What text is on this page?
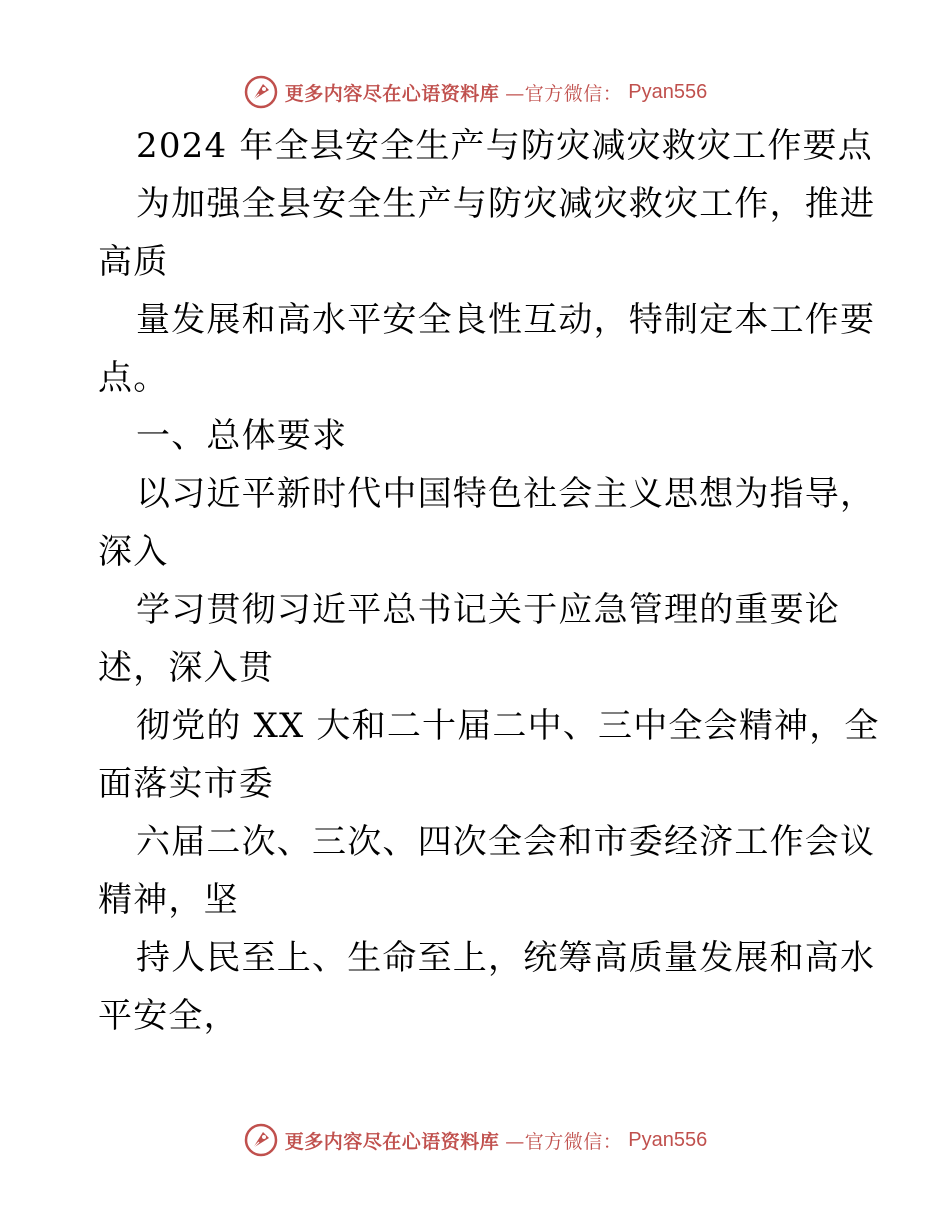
更多内容尽在心语资料库 —官方微信： Pyan556
2024 年全县安全生产与防灾减灾救灾工作要点
为加强全县安全生产与防灾减灾救灾工作，推进
高质
量发展和高水平安全良性互动，特制定本工作要
点。
一、总体要求
以习近平新时代中国特色社会主义思想为指导，
深入
学习贯彻习近平总书记关于应急管理的重要论
述，深入贯
彻党的 XX 大和二十届二中、三中全会精神，全
面落实市委
六届二次、三次、四次全会和市委经济工作会议
精神，坚
持人民至上、生命至上，统筹高质量发展和高水
平安全，
更多内容尽在心语资料库 —官方微信： Pyan556
